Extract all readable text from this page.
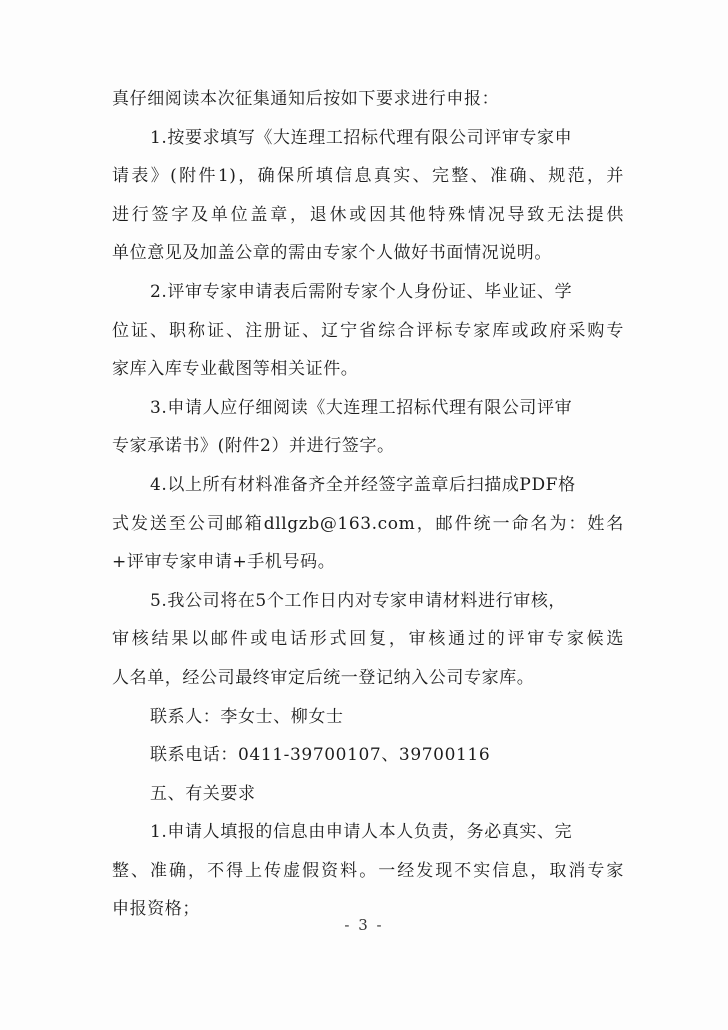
真仔细阅读本次征集通知后按如下要求进行申报：
1.按要求填写《大连理工招标代理有限公司评审专家申
请表》(附件1)，确保所填信息真实、完整、准确、规范，并
进行签字及单位盖章，退休或因其他特殊情况导致无法提供
单位意见及加盖公章的需由专家个人做好书面情况说明。
2.评审专家申请表后需附专家个人身份证、毕业证、学
位证、职称证、注册证、辽宁省综合评标专家库或政府采购专
家库入库专业截图等相关证件。
3.申请人应仔细阅读《大连理工招标代理有限公司评审
专家承诺书》(附件2）并进行签字。
4.以上所有材料准备齐全并经签字盖章后扫描成PDF格
式发送至公司邮箱dllgzb@163.com，邮件统一命名为：姓名
+评审专家申请+手机号码。
5.我公司将在5个工作日内对专家申请材料进行审核，
审核结果以邮件或电话形式回复，审核通过的评审专家候选
人名单，经公司最终审定后统一登记纳入公司专家库。
联系人：李女士、柳女士
联系电话：0411-39700107、39700116
五、有关要求
1.申请人填报的信息由申请人本人负责，务必真实、完
整、准确，不得上传虚假资料。一经发现不实信息，取消专家
申报资格；
- 3 -
